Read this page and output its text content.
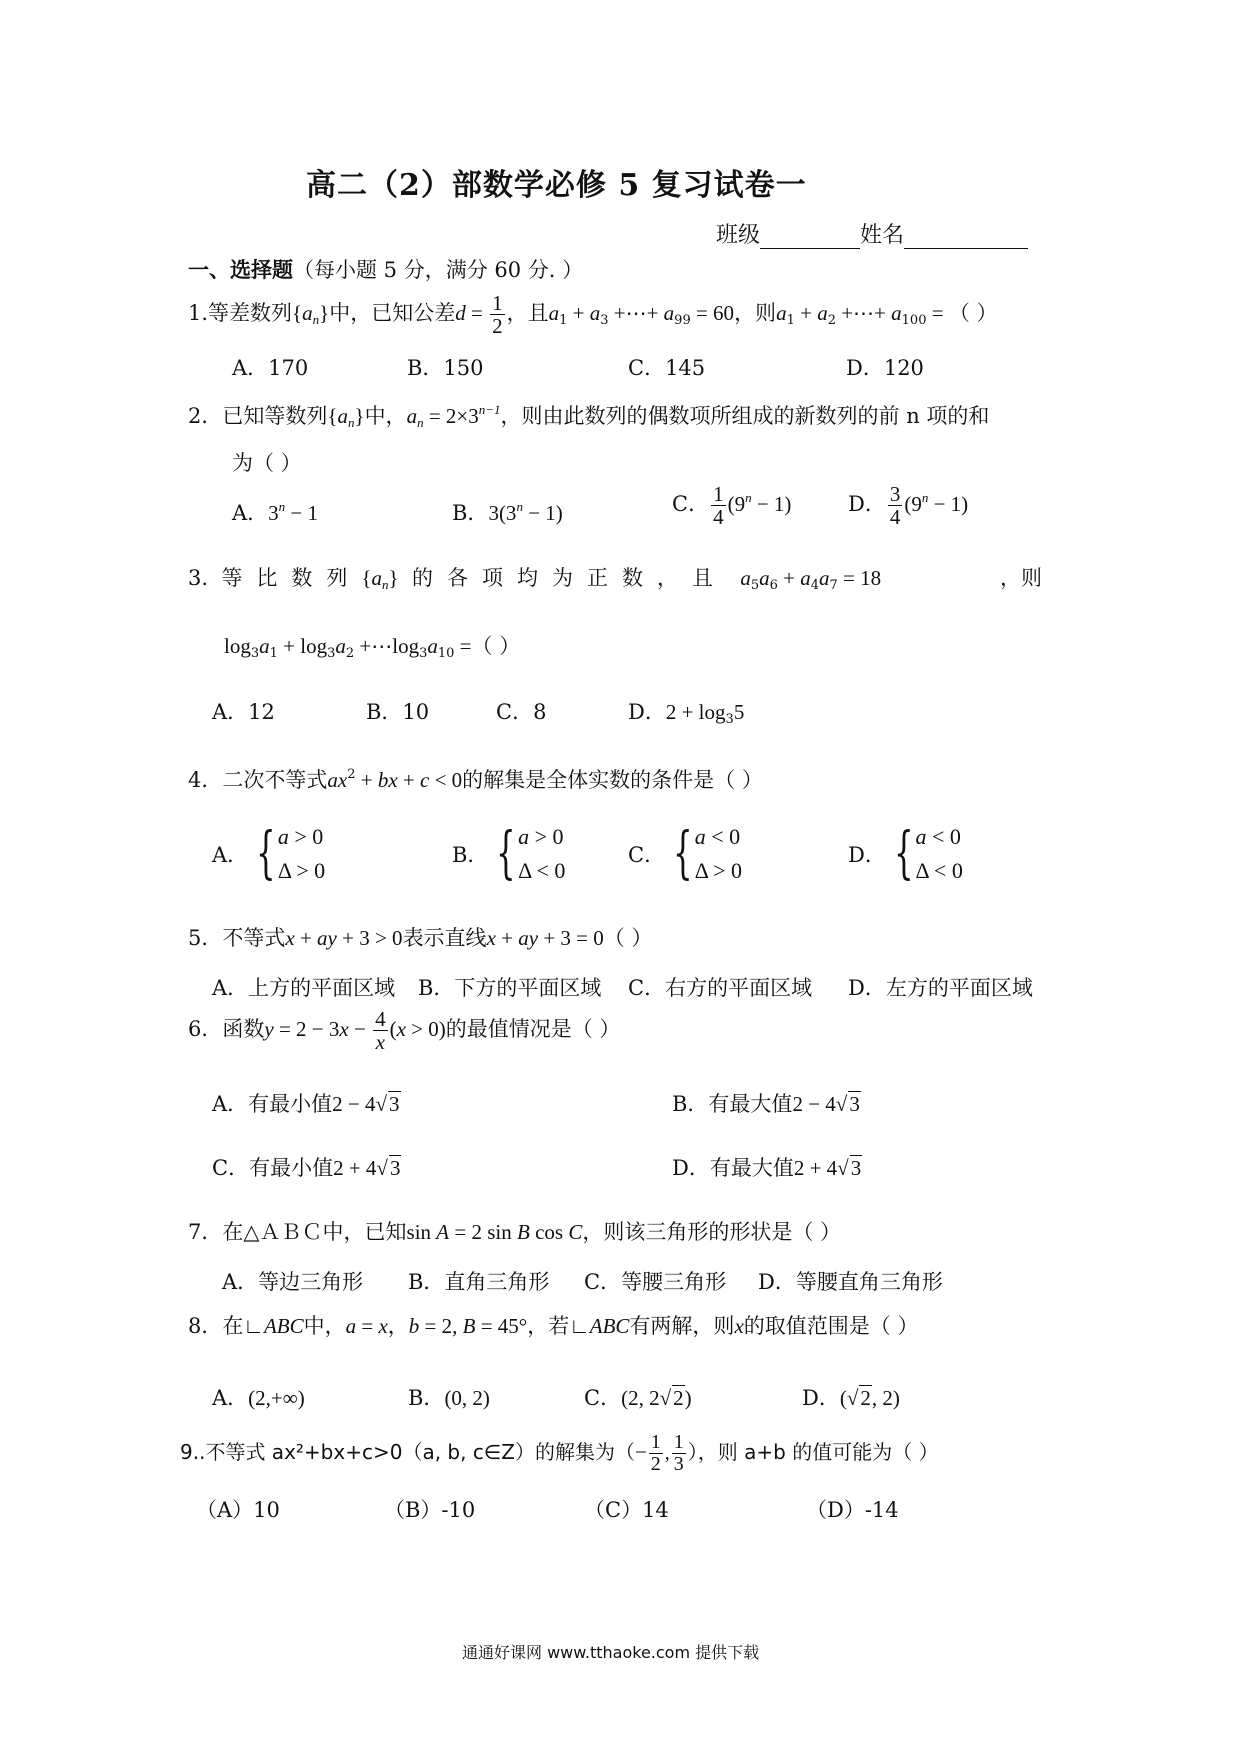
高二（2）部数学必修 5 复习试卷一
班级	姓名
一、选择题（每小题 5 分，满分 60 分. ）
1.等差数列$\{a_n\}$中，已知公差$d = \frac{1}{2}$ ，且$a_1 + a_3$ +⋯+ $a_{99} = 60$，则$a_1 + a_2$ +⋯+ $a_{100}$ = （ ）
A．170	B．150	C．145	D．120
2．已知等数列$\{a_n\}$中，$a_n = 2\times 3^{n-1}$，则由此数列的偶数项所组成的新数列的前 n 项的和
为（ ）
A．$3^n - 1$	B．$3(3^n - 1)$	C． $\frac{1}{4} (9^n - 1)$	D． $\frac{3}{4} (9^n - 1)$
3. 等比数列$\{a_n\}$ 的各项均为正数，且 $a_5a_6 + a_4a_7 = 18$	，则
$\log_3a_1 + \log_3a_2$ $+\cdots\log_3a_{10}$ =（ ）
A．12	B．10	C．8	D．$2 + \log_35$
4．二次不等式$ax^2$ + bx + c < 0的解集是全体实数的条件是（ ）
A． { a > 0
Δ > 0
B． { a > 0
Δ < 0
C． { a < 0
Δ > 0
D． { a < 0
Δ < 0
5．不等式x + ay + 3 > 0表示直线x + ay + 3 = 0（ ）
A．上方的平面区域 B．下方的平面区域 C．右方的平面区域 D．左方的平面区域
6．函数$y = 2 - 3x - \frac{4}{x} (x > 0)$的最值情况是（ ）
A．有最小值2 − 4√3	B．有最大值2 − 4√3
C．有最小值2 + 4√3	D．有最大值2 + 4√3
7．在△ＡＢＣ中，已知sin A = 2 sin B cos C，则该三角形的形状是（ ）
A．等边三角形 B．直角三角形 C．等腰三角形 D．等腰直角三角形
8．在∟ABC中，a = x，b = 2, B = 45°，若∟ABC有两解，则x的取值范围是（ ）
A．(2,+∞)	B．(0, 2)	C．(2, 2√2)	D．(√2, 2)
9..不等式 ax²+bx+c>0（a, b, c∈Z）的解集为（− $\frac{1}{2}$ , $\frac{1}{3}$ ），则 a+b 的值可能为（ ）
（A）10	（B）-10	（C）14	（D）-14
通通好课网 www.tthaoke.com 提供下载
